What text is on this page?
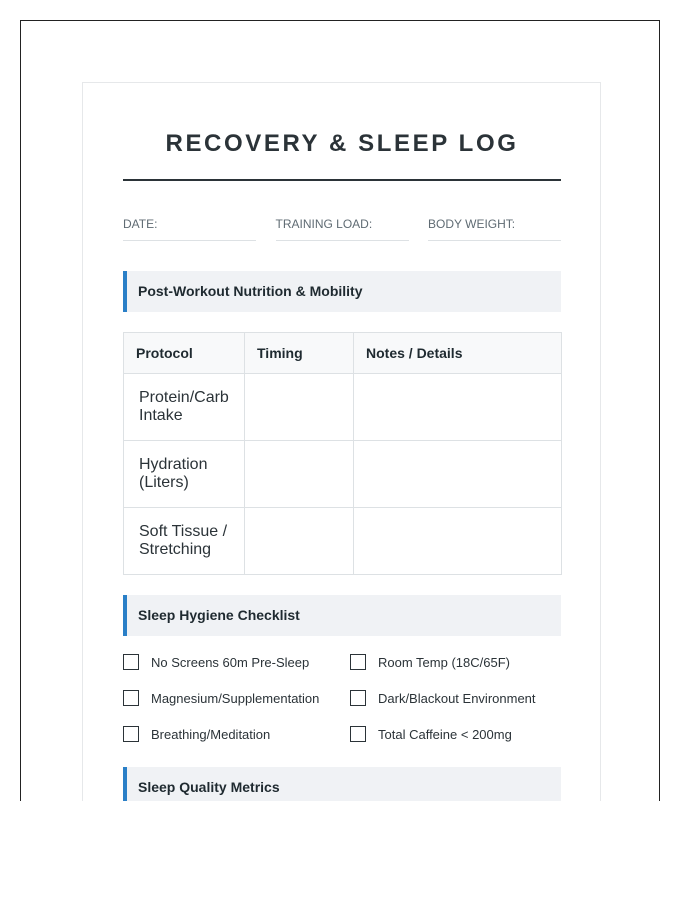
RECOVERY & SLEEP LOG
DATE:	TRAINING LOAD:	BODY WEIGHT:
Post-Workout Nutrition & Mobility
Protocol	Timing	Notes / Details
Protein/Carb Intake		
Hydration (Liters)		
Soft Tissue / Stretching		
Sleep Hygiene Checklist
No Screens 60m Pre-Sleep	Room Temp (18C/65F)
Magnesium/Supplementation	Dark/Blackout Environment
Breathing/Meditation	Total Caffeine < 200mg
Sleep Quality Metrics
